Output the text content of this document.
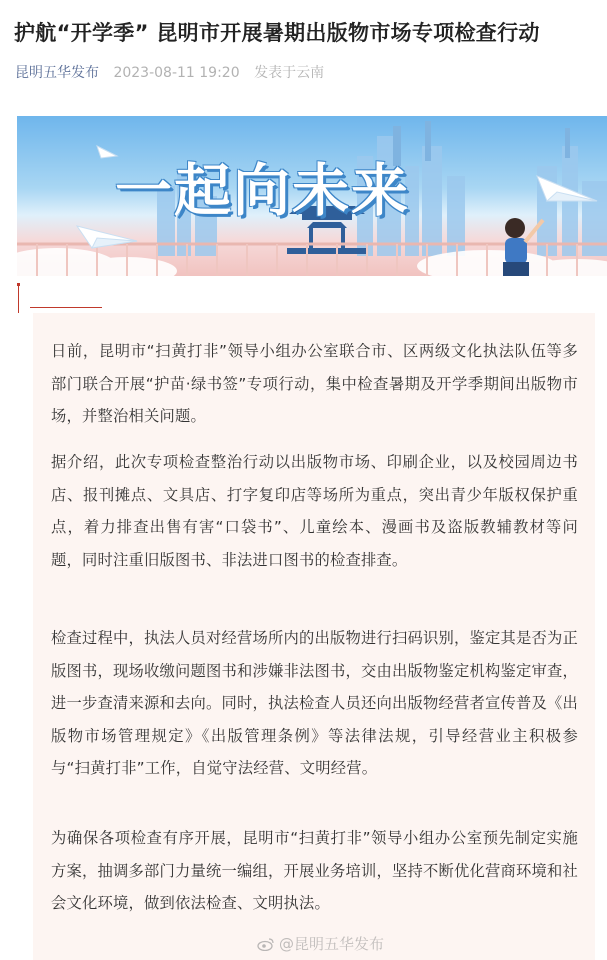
护航“开学季” 昆明市开展暑期出版物市场专项检查行动
昆明五华发布 2023-08-11 19:20 发表于云南
一起向未来
日前，昆明市“扫黄打非”领导小组办公室联合市、区两级文化执法队伍等多部门联合开展“护苗·绿书签”专项行动，集中检查暑期及开学季期间出版物市场，并整治相关问题。
据介绍，此次专项检查整治行动以出版物市场、印刷企业，以及校园周边书店、报刊摊点、文具店、打字复印店等场所为重点，突出青少年版权保护重点，着力排查出售有害“口袋书”、儿童绘本、漫画书及盗版教辅教材等问题，同时注重旧版图书、非法进口图书的检查排查。
检查过程中，执法人员对经营场所内的出版物进行扫码识别，鉴定其是否为正版图书，现场收缴问题图书和涉嫌非法图书，交由出版物鉴定机构鉴定审查，进一步查清来源和去向。同时，执法检查人员还向出版物经营者宣传普及《出版物市场管理规定》《出版管理条例》等法律法规，引导经营业主积极参与“扫黄打非”工作，自觉守法经营、文明经营。
为确保各项检查有序开展，昆明市“扫黄打非”领导小组办公室预先制定实施方案，抽调多部门力量统一编组，开展业务培训，坚持不断优化营商环境和社会文化环境，做到依法检查、文明执法。
@昆明五华发布
